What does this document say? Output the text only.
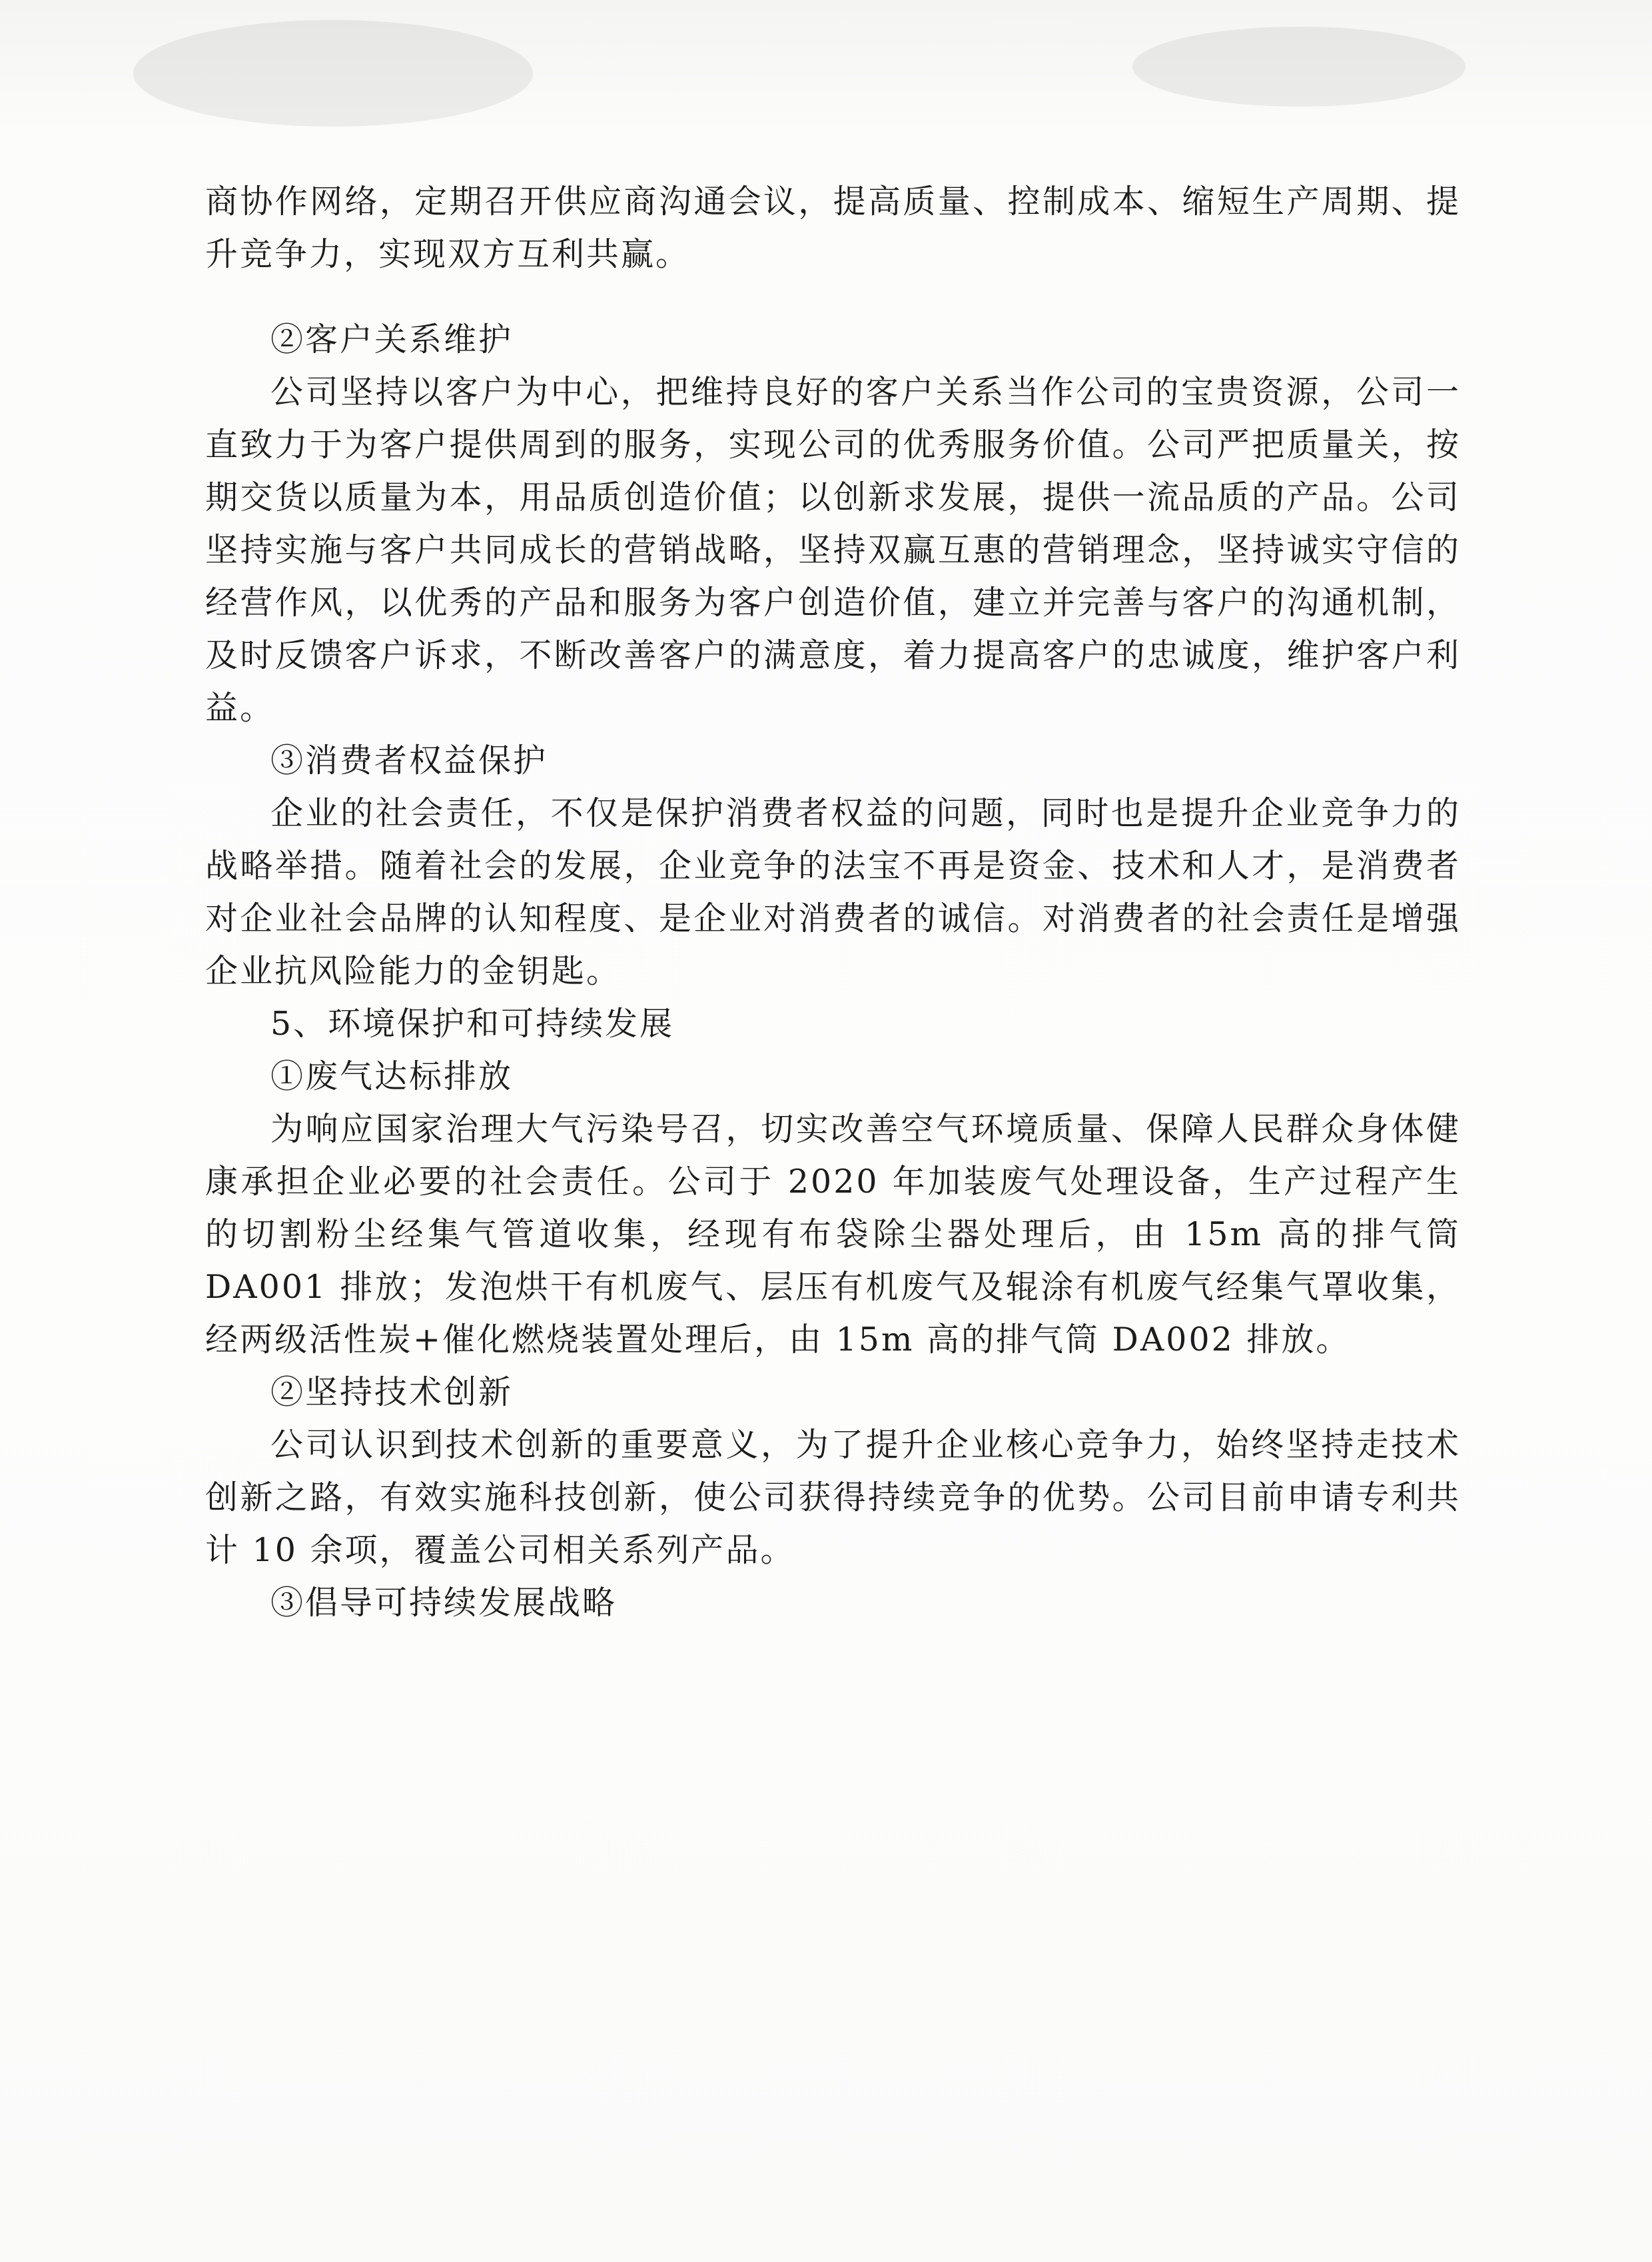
商协作网络，定期召开供应商沟通会议，提高质量、控制成本、缩短生产周期、提升竞争力，实现双方互利共赢。

②客户关系维护

公司坚持以客户为中心，把维持良好的客户关系当作公司的宝贵资源，公司一直致力于为客户提供周到的服务，实现公司的优秀服务价值。公司严把质量关，按期交货以质量为本，用品质创造价值；以创新求发展，提供一流品质的产品。公司坚持实施与客户共同成长的营销战略，坚持双赢互惠的营销理念，坚持诚实守信的经营作风，以优秀的产品和服务为客户创造价值，建立并完善与客户的沟通机制，及时反馈客户诉求，不断改善客户的满意度，着力提高客户的忠诚度，维护客户利益。

③消费者权益保护

企业的社会责任，不仅是保护消费者权益的问题，同时也是提升企业竞争力的战略举措。随着社会的发展，企业竞争的法宝不再是资金、技术和人才，是消费者对企业社会品牌的认知程度、是企业对消费者的诚信。对消费者的社会责任是增强企业抗风险能力的金钥匙。

5、环境保护和可持续发展

①废气达标排放

为响应国家治理大气污染号召，切实改善空气环境质量、保障人民群众身体健康承担企业必要的社会责任。公司于 2020 年加装废气处理设备，生产过程产生的切割粉尘经集气管道收集，经现有布袋除尘器处理后，由 15m 高的排气筒 DA001 排放；发泡烘干有机废气、层压有机废气及辊涂有机废气经集气罩收集，经两级活性炭+催化燃烧装置处理后，由 15m 高的排气筒 DA002 排放。

②坚持技术创新

公司认识到技术创新的重要意义，为了提升企业核心竞争力，始终坚持走技术创新之路，有效实施科技创新，使公司获得持续竞争的优势。公司目前申请专利共计 10 余项，覆盖公司相关系列产品。

③倡导可持续发展战略
